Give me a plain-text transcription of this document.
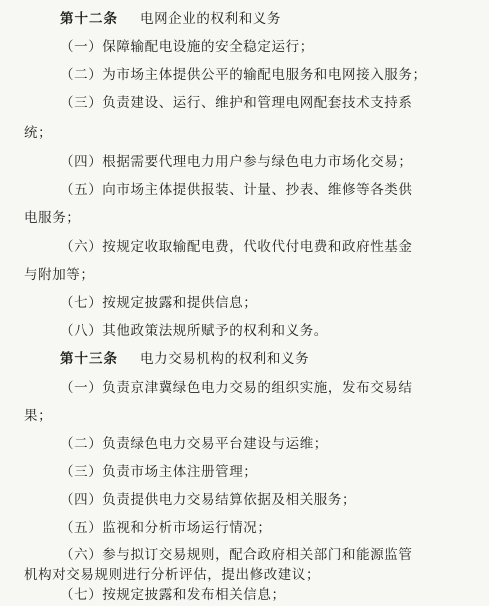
第十二条 电网企业的权利和义务
（一）保障输配电设施的安全稳定运行；
（二）为市场主体提供公平的输配电服务和电网接入服务；
（三）负责建设、运行、维护和管理电网配套技术支持系
统；
（四）根据需要代理电力用户参与绿色电力市场化交易；
（五）向市场主体提供报装、计量、抄表、维修等各类供
电服务；
（六）按规定收取输配电费，代收代付电费和政府性基金
与附加等；
（七）按规定披露和提供信息；
（八）其他政策法规所赋予的权利和义务。
第十三条 电力交易机构的权利和义务
（一）负责京津冀绿色电力交易的组织实施，发布交易结
果；
（二）负责绿色电力交易平台建设与运维；
（三）负责市场主体注册管理；
（四）负责提供电力交易结算依据及相关服务；
（五）监视和分析市场运行情况；
（六）参与拟订交易规则，配合政府相关部门和能源监管
机构对交易规则进行分析评估，提出修改建议；
（七）按规定披露和发布相关信息；
